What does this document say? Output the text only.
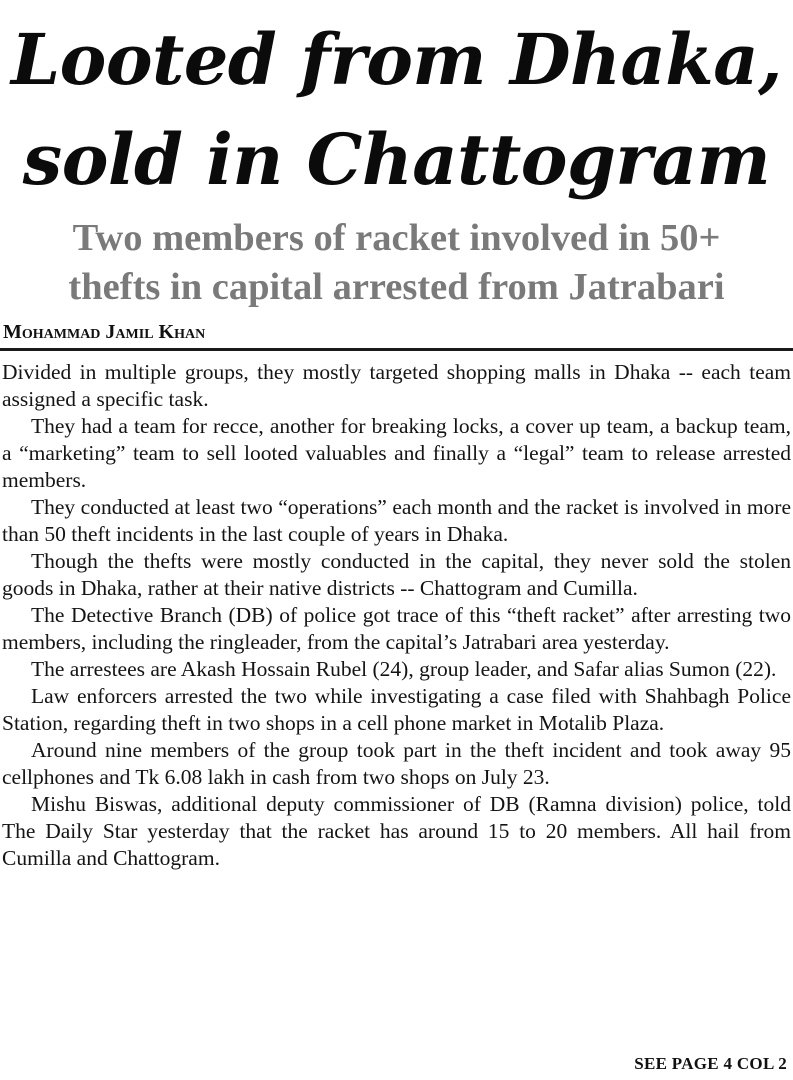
Looted from Dhaka,
sold in Chattogram
Two members of racket involved in 50+
thefts in capital arrested from Jatrabari
Mohammad Jamil Khan

Divided in multiple groups, they mostly targeted shopping malls in Dhaka -- each team assigned a specific task.

They had a team for recce, another for breaking locks, a cover up team, a backup team, a “marketing” team to sell looted valuables and finally a “legal” team to release arrested members.

They conducted at least two “operations” each month and the racket is involved in more than 50 theft incidents in the last couple of years in Dhaka.

Though the thefts were mostly conducted in the capital, they never sold the stolen goods in Dhaka, rather at their native districts -- Chattogram and Cumilla.

The Detective Branch (DB) of police got trace of this “theft racket” after arresting two members, including the ringleader, from the capital’s Jatrabari area yesterday.

The arrestees are Akash Hossain Rubel (24), group leader, and Safar alias Sumon (22).

Law enforcers arrested the two while investigating a case filed with Shahbagh Police Station, regarding theft in two shops in a cell phone market in Motalib Plaza.

Around nine members of the group took part in the theft incident and took away 95 cellphones and Tk 6.08 lakh in cash from two shops on July 23.

Mishu Biswas, additional deputy commissioner of DB (Ramna division) police, told The Daily Star yesterday that the racket has around 15 to 20 members. All hail from Cumilla and Chattogram.

SEE PAGE 4 COL 2
